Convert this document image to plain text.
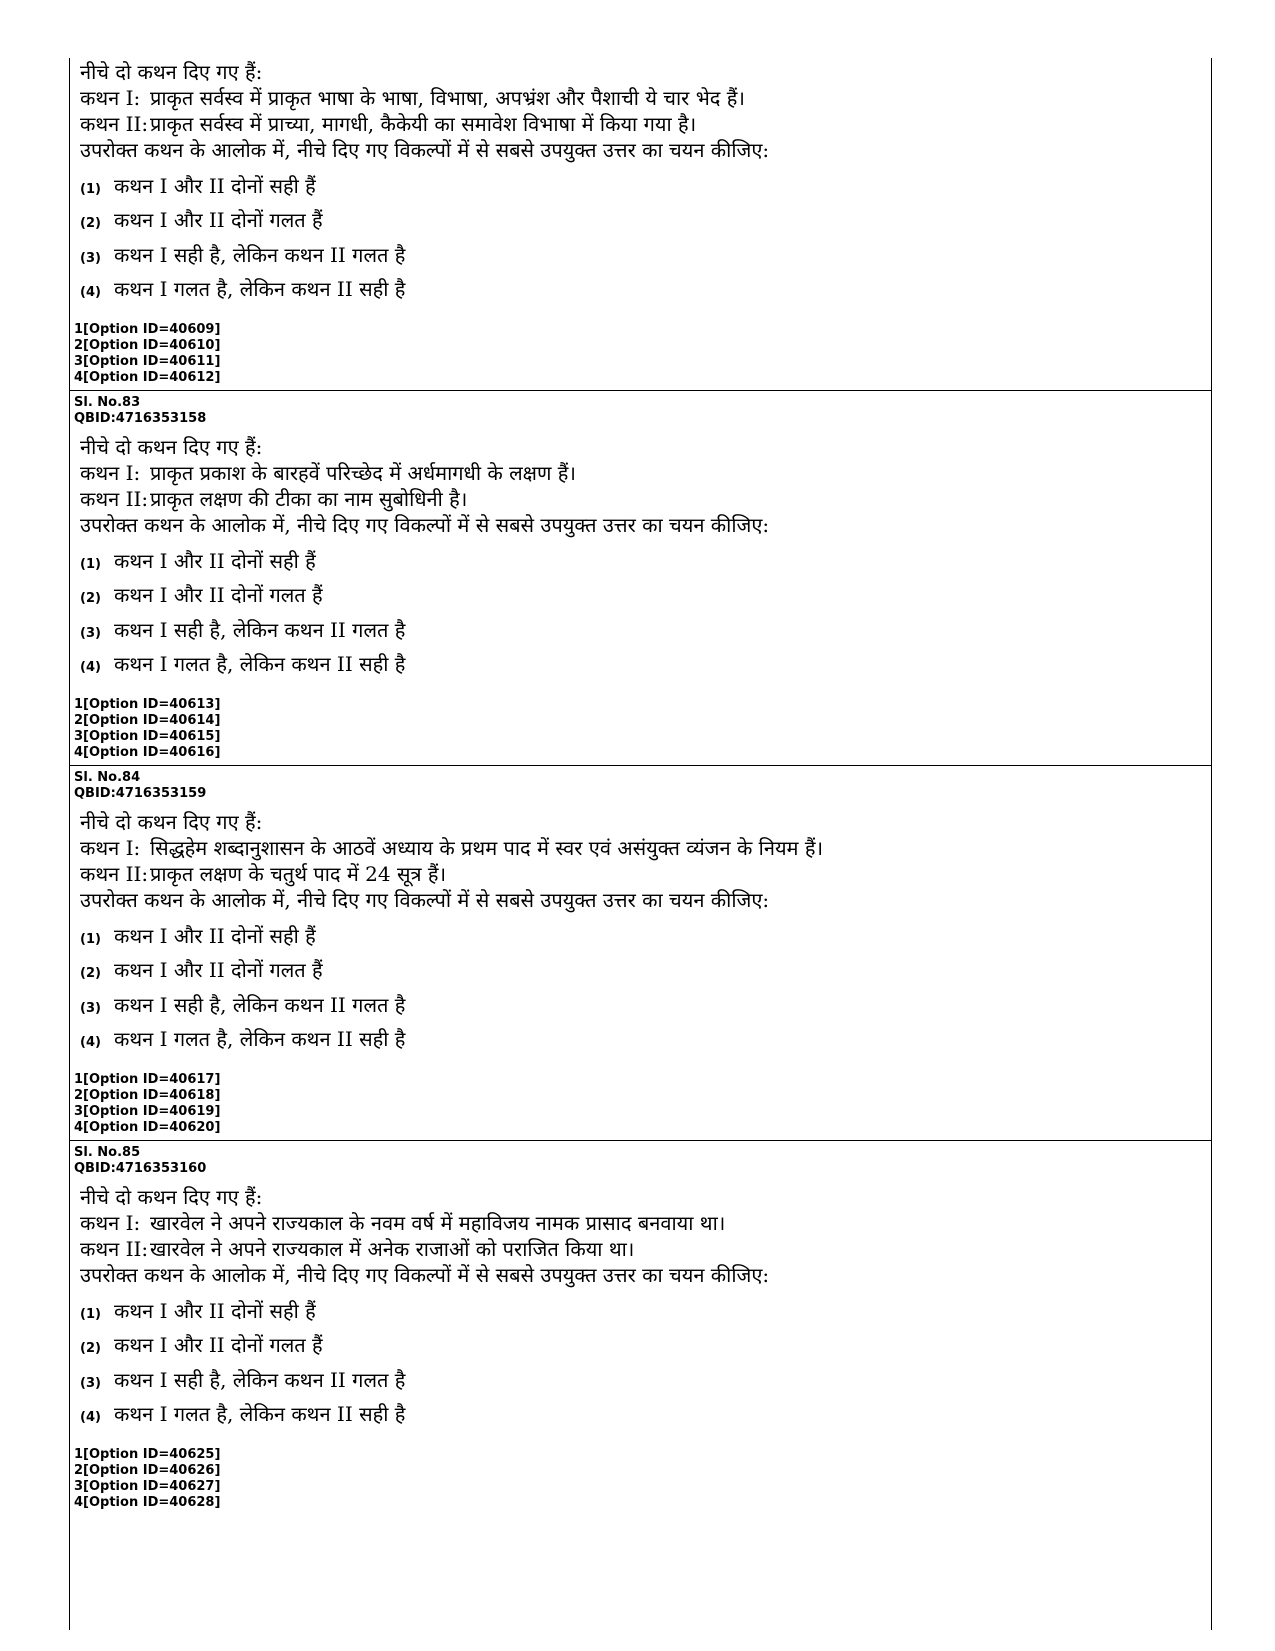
नीचे दो कथन दिए गए हैं:
कथन I: प्राकृत सर्वस्व में प्राकृत भाषा के भाषा, विभाषा, अपभ्रंश और पैशाची ये चार भेद हैं।
कथन II:प्राकृत सर्वस्व में प्राच्या, मागधी, कैकेयी का समावेश विभाषा में किया गया है।
उपरोक्त कथन के आलोक में, नीचे दिए गए विकल्पों में से सबसे उपयुक्त उत्तर का चयन कीजिए:
(1) कथन I और II दोनों सही हैं
(2) कथन I और II दोनों गलत हैं
(3) कथन I सही है, लेकिन कथन II गलत है
(4) कथन I गलत है, लेकिन कथन II सही है
1[Option ID=40609]
2[Option ID=40610]
3[Option ID=40611]
4[Option ID=40612]
Sl. No.83
QBID:4716353158
नीचे दो कथन दिए गए हैं:
कथन I: प्राकृत प्रकाश के बारहवें परिच्छेद में अर्धमागधी के लक्षण हैं।
कथन II:प्राकृत लक्षण की टीका का नाम सुबोधिनी है।
उपरोक्त कथन के आलोक में, नीचे दिए गए विकल्पों में से सबसे उपयुक्त उत्तर का चयन कीजिए:
(1) कथन I और II दोनों सही हैं
(2) कथन I और II दोनों गलत हैं
(3) कथन I सही है, लेकिन कथन II गलत है
(4) कथन I गलत है, लेकिन कथन II सही है
1[Option ID=40613]
2[Option ID=40614]
3[Option ID=40615]
4[Option ID=40616]
Sl. No.84
QBID:4716353159
नीचे दो कथन दिए गए हैं:
कथन I: सिद्धहेम शब्दानुशासन के आठवें अध्याय के प्रथम पाद में स्वर एवं असंयुक्त व्यंजन के नियम हैं।
कथन II:प्राकृत लक्षण के चतुर्थ पाद में 24 सूत्र हैं।
उपरोक्त कथन के आलोक में, नीचे दिए गए विकल्पों में से सबसे उपयुक्त उत्तर का चयन कीजिए:
(1) कथन I और II दोनों सही हैं
(2) कथन I और II दोनों गलत हैं
(3) कथन I सही है, लेकिन कथन II गलत है
(4) कथन I गलत है, लेकिन कथन II सही है
1[Option ID=40617]
2[Option ID=40618]
3[Option ID=40619]
4[Option ID=40620]
Sl. No.85
QBID:4716353160
नीचे दो कथन दिए गए हैं:
कथन I: खारवेल ने अपने राज्यकाल के नवम वर्ष में महाविजय नामक प्रासाद बनवाया था।
कथन II:खारवेल ने अपने राज्यकाल में अनेक राजाओं को पराजित किया था।
उपरोक्त कथन के आलोक में, नीचे दिए गए विकल्पों में से सबसे उपयुक्त उत्तर का चयन कीजिए:
(1) कथन I और II दोनों सही हैं
(2) कथन I और II दोनों गलत हैं
(3) कथन I सही है, लेकिन कथन II गलत है
(4) कथन I गलत है, लेकिन कथन II सही है
1[Option ID=40625]
2[Option ID=40626]
3[Option ID=40627]
4[Option ID=40628]
